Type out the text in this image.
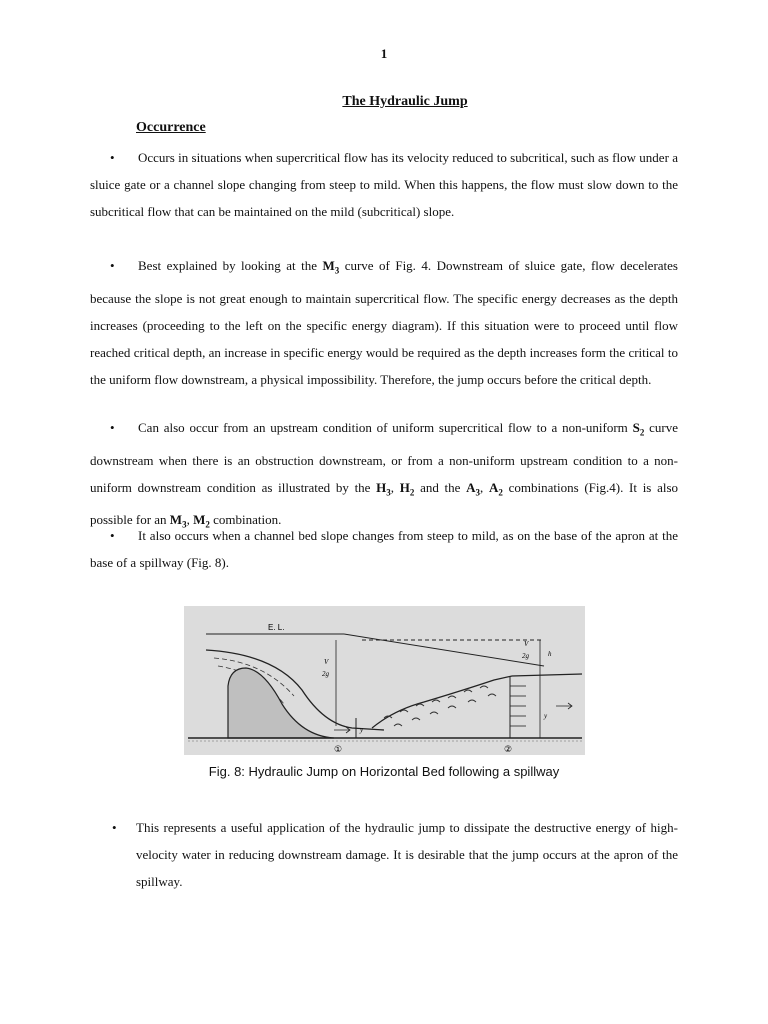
1
The Hydraulic Jump
Occurrence
• Occurs in situations when supercritical flow has its velocity reduced to subcritical, such as flow under a sluice gate or a channel slope changing from steep to mild. When this happens, the flow must slow down to the subcritical flow that can be maintained on the mild (subcritical) slope.
• Best explained by looking at the $M_3$ curve of Fig. 4. Downstream of sluice gate, flow decelerates because the slope is not great enough to maintain supercritical flow. The specific energy decreases as the depth increases (proceeding to the left on the specific energy diagram). If this situation were to proceed until flow reached critical depth, an increase in specific energy would be required as the depth increases form the critical to the uniform flow downstream, a physical impossibility. Therefore, the jump occurs before the critical depth.
• Can also occur from an upstream condition of uniform supercritical flow to a non-uniform $S_2$ curve downstream when there is an obstruction downstream, or from a non-uniform upstream condition to a non-uniform downstream condition as illustrated by the $H_3$, $H_2$ and the $A_3$, $A_2$ combinations (Fig.4). It is also possible for an $M_3$, $M_2$ combination.
• It also occurs when a channel bed slope changes from steep to mild, as on the base of the apron at the base of a spillway (Fig. 8).
E. L.
V
2g
V
2g	h
y
y
①	②
Fig. 8: Hydraulic Jump on Horizontal Bed following a spillway
• This represents a useful application of the hydraulic jump to dissipate the destructive energy of high-velocity water in reducing downstream damage. It is desirable that the jump occurs at the apron of the spillway.
